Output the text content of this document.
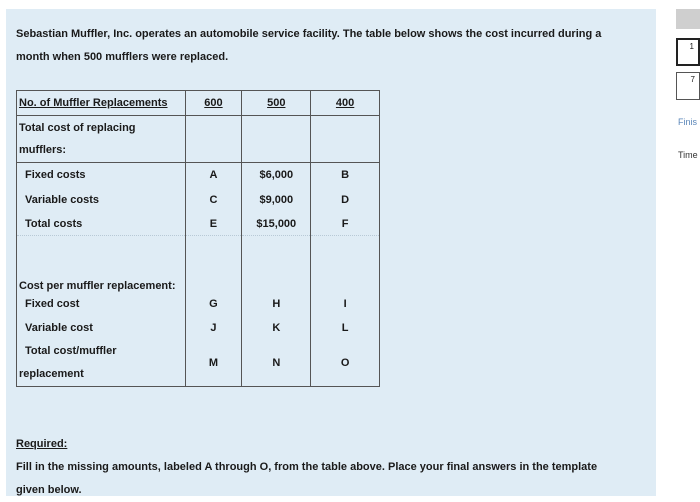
Sebastian Muffler, Inc. operates an automobile service facility. The table below shows the cost incurred during a
month when 500 mufflers were replaced.
No. of Muffler Replacements	600	500	400

Total cost of replacing
mufflers:			

Fixed costs	A	$6,000	B
Variable costs	C	$9,000	D
Total costs	E	$15,000	F

Cost per muffler replacement:			
Fixed cost	G	H	I
Variable cost	J	K	L

Total cost/muffler
replacement	M	N	O
Required:
Fill in the missing amounts, labeled A through O, from the table above. Place your final answers in the template
given below.
1
7
Finis
Time
